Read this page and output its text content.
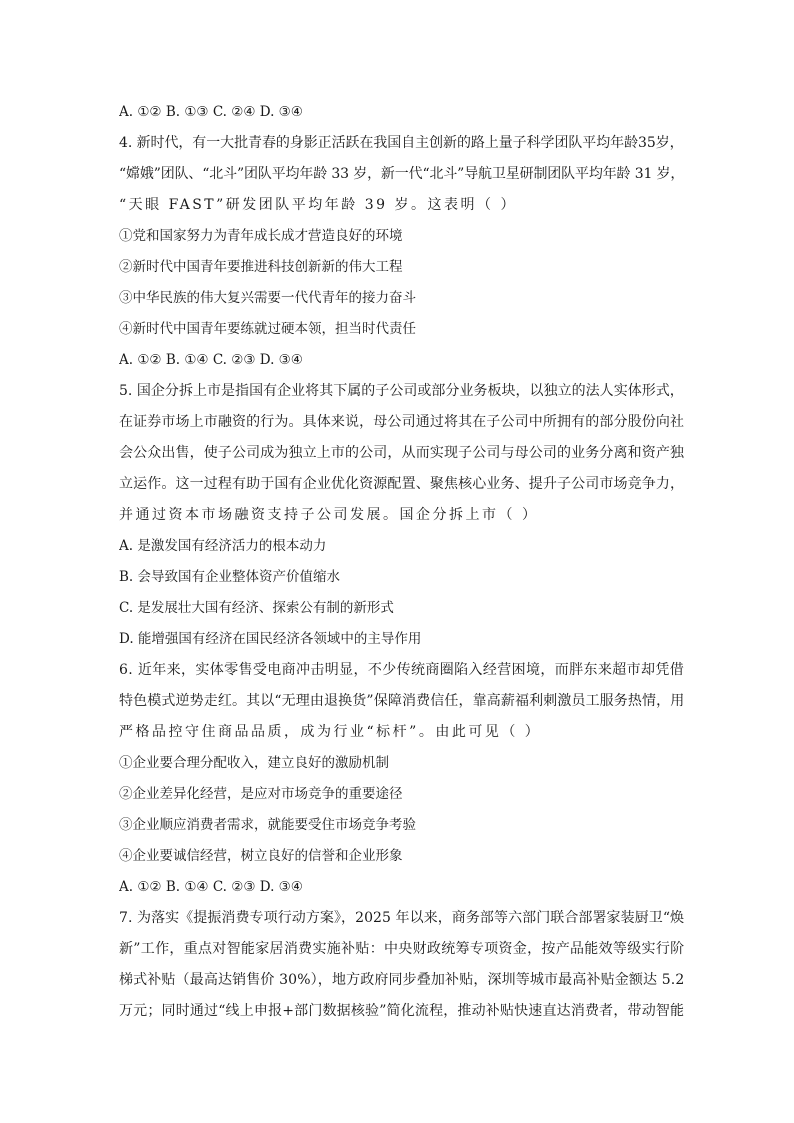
A. ①② B. ①③ C. ②④ D. ③④
4. 新时代，有一大批青春的身影正活跃在我国自主创新的路上量子科学团队平均年龄35岁，
“嫦娥”团队、“北斗”团队平均年龄 33 岁，新一代“北斗”导航卫星研制团队平均年龄 31 岁，
“天眼 FAST”研发团队平均年龄 39 岁。这表明（ ）
①党和国家努力为青年成长成才营造良好的环境
②新时代中国青年要推进科技创新新的伟大工程
③中华民族的伟大复兴需要一代代青年的接力奋斗
④新时代中国青年要练就过硬本领，担当时代责任
A. ①② B. ①④ C. ②③ D. ③④
5. 国企分拆上市是指国有企业将其下属的子公司或部分业务板块，以独立的法人实体形式，
在证券市场上市融资的行为。具体来说，母公司通过将其在子公司中所拥有的部分股份向社
会公众出售，使子公司成为独立上市的公司，从而实现子公司与母公司的业务分离和资产独
立运作。这一过程有助于国有企业优化资源配置、聚焦核心业务、提升子公司市场竞争力，
并通过资本市场融资支持子公司发展。国企分拆上市（ ）
A. 是激发国有经济活力的根本动力
B. 会导致国有企业整体资产价值缩水
C. 是发展壮大国有经济、探索公有制的新形式
D. 能增强国有经济在国民经济各领域中的主导作用
6. 近年来，实体零售受电商冲击明显，不少传统商圈陷入经营困境，而胖东来超市却凭借
特色模式逆势走红。其以“无理由退换货”保障消费信任，靠高薪福利刺激员工服务热情，用
严格品控守住商品品质，成为行业“标杆”。由此可见（ ）
①企业要合理分配收入，建立良好的激励机制
②企业差异化经营，是应对市场竞争的重要途径
③企业顺应消费者需求，就能要受住市场竞争考验
④企业要诚信经营，树立良好的信誉和企业形象
A. ①② B. ①④ C. ②③ D. ③④
7. 为落实《提振消费专项行动方案》，2025 年以来，商务部等六部门联合部署家装厨卫“焕
新”工作，重点对智能家居消费实施补贴：中央财政统筹专项资金，按产品能效等级实行阶
梯式补贴（最高达销售价 30%），地方政府同步叠加补贴，深圳等城市最高补贴金额达 5.2
万元；同时通过“线上申报+部门数据核验”简化流程，推动补贴快速直达消费者，带动智能
